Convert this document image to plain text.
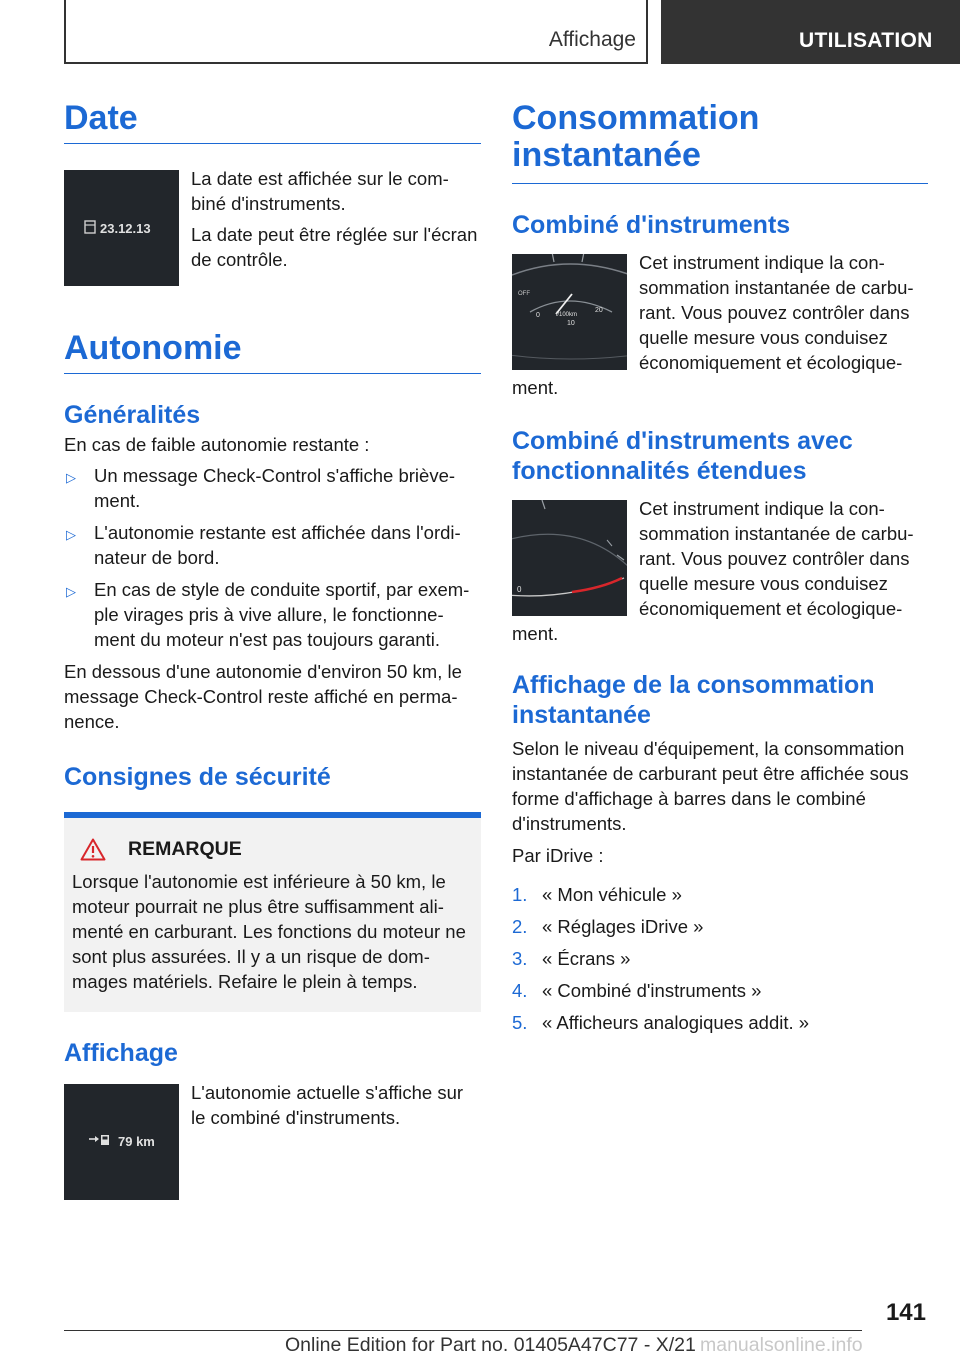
Affichage	UTILISATION
Date
23.12.13

La date est affichée sur le com-biné d'instruments.

La date peut être réglée sur l'écran de contrôle.

Autonomie
Généralités

En cas de faible autonomie restante :

▷ Un message Check-Control s'affiche briève-ment.
▷ L'autonomie restante est affichée dans l'ordi-nateur de bord.
▷ En cas de style de conduite sportif, par exem-ple virages pris à vive allure, le fonctionne-ment du moteur n'est pas toujours garanti.

En dessous d'une autonomie d'environ 50 km, le message Check-Control reste affiché en perma-nence.

Consignes de sécurité
REMARQUE

Lorsque l'autonomie est inférieure à 50 km, le moteur pourrait ne plus être suffisamment ali-menté en carburant. Les fonctions du moteur ne sont plus assurées. Il y a un risque de dom-mages matériels. Refaire le plein à temps.

Affichage
79 km

L'autonomie actuelle s'affiche sur le combiné d'instruments.

Consommation instantanée
Combiné d'instruments
OFF
0	l/100km
10
20

Cet instrument indique la con-sommation instantanée de carbu-rant. Vous pouvez contrôler dans quelle mesure vous conduisez économiquement et écologique-ment.

Combiné d'instruments avec fonctionnalités étendues
0

Cet instrument indique la con-sommation instantanée de carbu-rant. Vous pouvez contrôler dans quelle mesure vous conduisez économiquement et écologique-ment.

Affichage de la consommation instantanée

Selon le niveau d'équipement, la consommation instantanée de carburant peut être affichée sous forme d'affichage à barres dans le combiné d'instruments.

Par iDrive :

1. « Mon véhicule »
2. « Réglages iDrive »
3. « Écrans »
4. « Combiné d'instruments »
5. « Afficheurs analogiques addit. »
141
Online Edition for Part no. 01405A47C77 - X/21 manualsonline.info
